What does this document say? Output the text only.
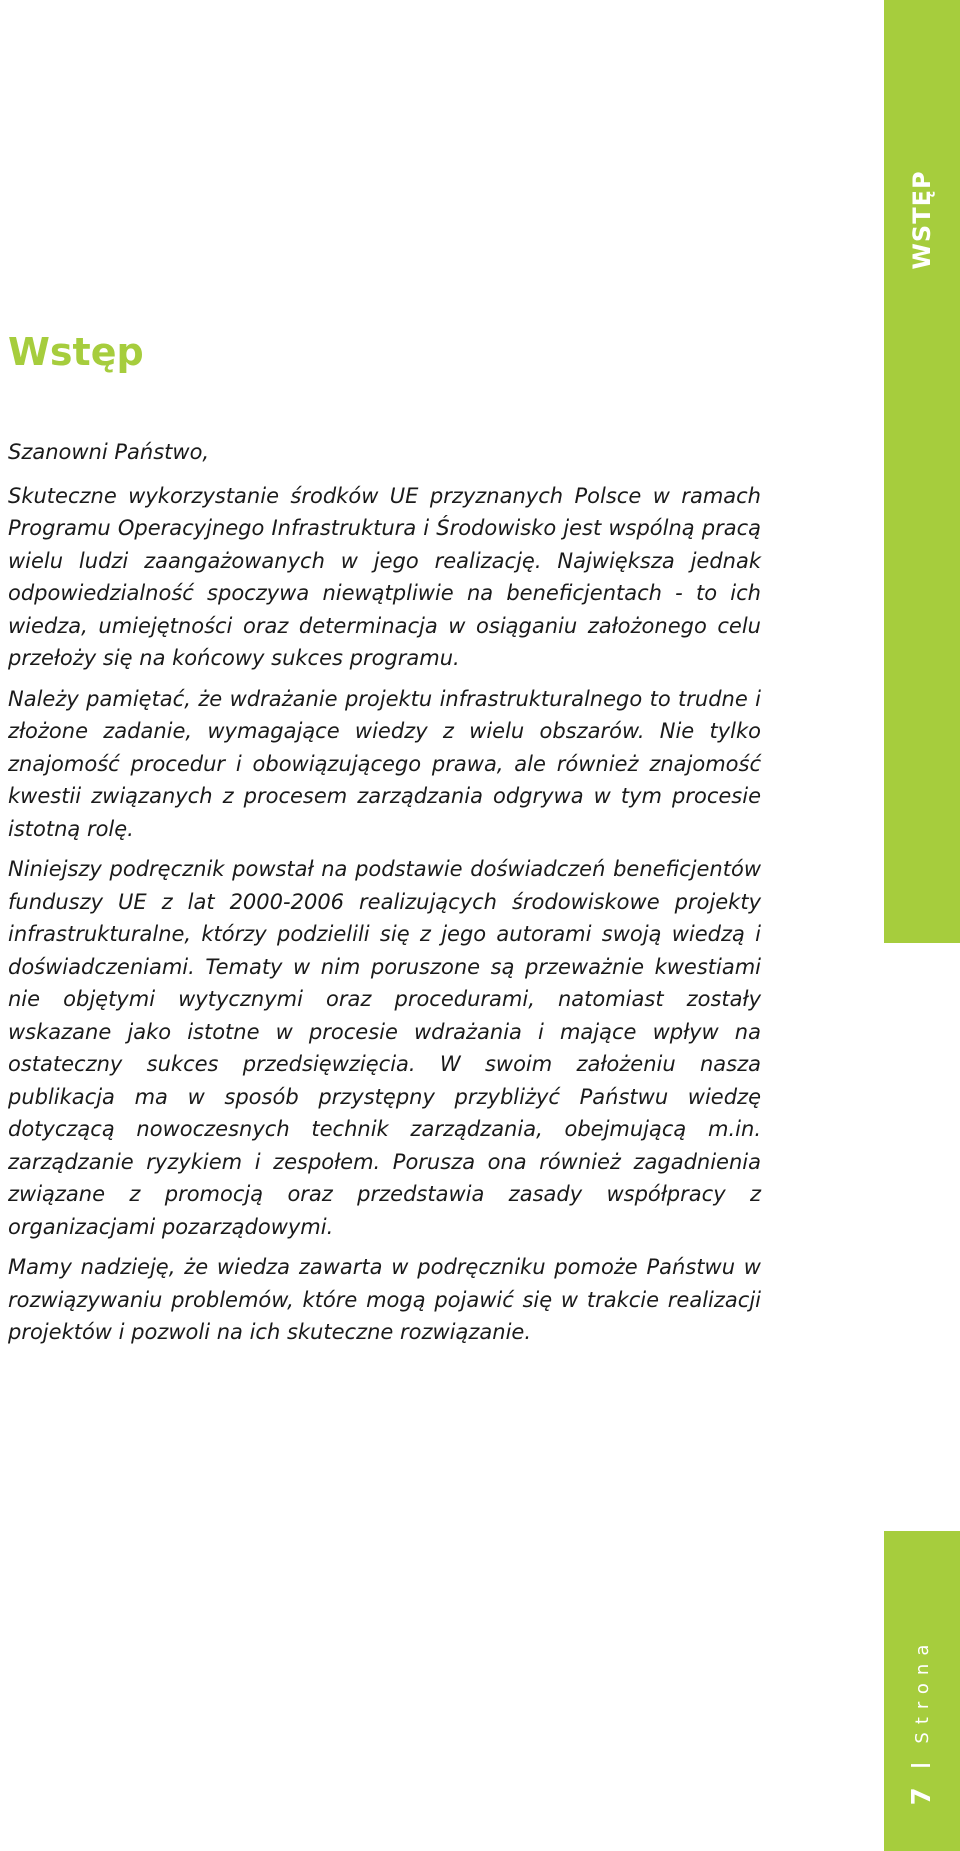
WSTĘP
Wstęp

Szanowni Państwo,

Skuteczne wykorzystanie środków UE przyznanych Polsce w ramach Programu Operacyjnego Infrastruktura i Środowisko jest wspólną pracą wielu ludzi zaangażowanych w jego realizację. Największa jednak odpowiedzialność spoczywa niewątpliwie na beneficjentach - to ich wiedza, umiejętności oraz determinacja w osiąganiu założonego celu przełoży się na końcowy sukces programu.

Należy pamiętać, że wdrażanie projektu infrastrukturalnego to trudne i złożone zadanie, wymagające wiedzy z wielu obszarów. Nie tylko znajomość procedur i obowiązującego prawa, ale również znajomość kwestii związanych z procesem zarządzania odgrywa w tym procesie istotną rolę.

Niniejszy podręcznik powstał na podstawie doświadczeń beneficjentów funduszy UE z lat 2000-2006 realizujących środowiskowe projekty infrastrukturalne, którzy podzielili się z jego autorami swoją wiedzą i doświadczeniami. Tematy w nim poruszone są przeważnie kwestiami nie objętymi wytycznymi oraz procedurami, natomiast zostały wskazane jako istotne w procesie wdrażania i mające wpływ na ostateczny sukces przedsięwzięcia. W swoim założeniu nasza publikacja ma w sposób przystępny przybliżyć Państwu wiedzę dotyczącą nowoczesnych technik zarządzania, obejmującą m.in. zarządzanie ryzykiem i zespołem. Porusza ona również zagadnienia związane z promocją oraz przedstawia zasady współpracy z organizacjami pozarządowymi.

Mamy nadzieję, że wiedza zawarta w podręczniku pomoże Państwu w rozwiązywaniu problemów, które mogą pojawić się w trakcie realizacji projektów i pozwoli na ich skuteczne rozwiązanie.

7
I
Strona
